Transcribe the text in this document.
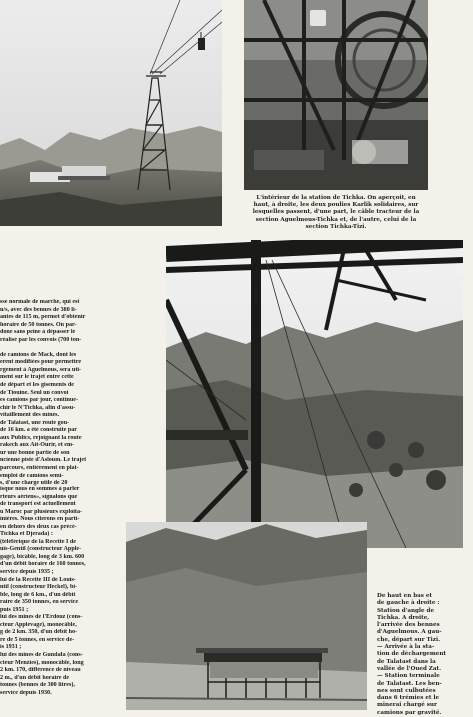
L'intérieur de la station de Tichka. On aperçoit, en
haut, à droite, les deux poulies Karlik solidaires, sur
lesquelles passent, d'une part, le câble tracteur de la
section Aguelmous-Tichka et, de l'autre, celui de la
section Tichka-Tizi.
De haut en bas et
de gauche à droite :
Station d'angle de
Tichka. A droite,
l'arrivée des bennes
d'Aguelmous. A gau-
che, départ sur Tizi.
— Arrivée à la sta-
tion de déchargement
de Talatast dans la
vallée de l'Oued Zat.
— Station terminale
de Talatast. Les ben-
nes sont culbutées
dans 6 trémies et le
minerai chargé sur
camions par gravité.

sse normale de marche, qui est

n/s, avec des bennes de 380 li-

antes de 115 m, permet d'obtenir

horaire de 50 tonnes. On par-

done sans peine à dépasser le

réalisé par les convois (700 ton-

de camions de Mack, dont les

erent modifiées pour permettre

rgement à Aguelmous, sera uti-

ment sur le trajet entre cette

de départ et les gisements de

de Tiouine. Seul un convoi

es camions par jour, continue-

chir le N'Tichka, afin d'assu-

vitaillement des mines.

de Talatast, une route gou-

de 16 km. a été construite par

aux Publics, rejoignant la route

rakech aux Ait-Ourir, et em-

ur une bonne partie de son

ncienne piste d'Asloum. Le trajet

parcours, entièrement en plat-

emploi de camions semi-

s, d'une charge utile de 20

isque nous en sommes à parler

rteurs aériens», signalons que

de transport est actuellement

u Maroc par plusieurs exploita-

inières. Nous citerons en parti-

en dehors des deux cas précé-

Tichka et Djerada) :

(téléférique de la Recette I de

uis-Gentil (constructeur Apple-

gage), bicâble, long de 3 km. 600

d'un débit horaire de 160 tonnes,

service depuis 1935 ;

lui de la Recette III de Louis-

ntil (constructeur Heckel), bi-

ble, long de 6 km., d'un débit

raire de 350 tonnes, en service

puis 1951 ;

lui des mines de l'Erdouz (cons-

cteur Applevage), monocâble,

g de 2 km. 350, d'un débit ho-

re de 5 tonnes, en service de-

is 1931 ;

lui des mines de Gundafa (cons-

cteur Menzies), monocâble, long

2 km. 170, différence de niveau

2 m., d'un débit horaire de

tonnes (bennes de 300 litres),

service depuis 1930.
